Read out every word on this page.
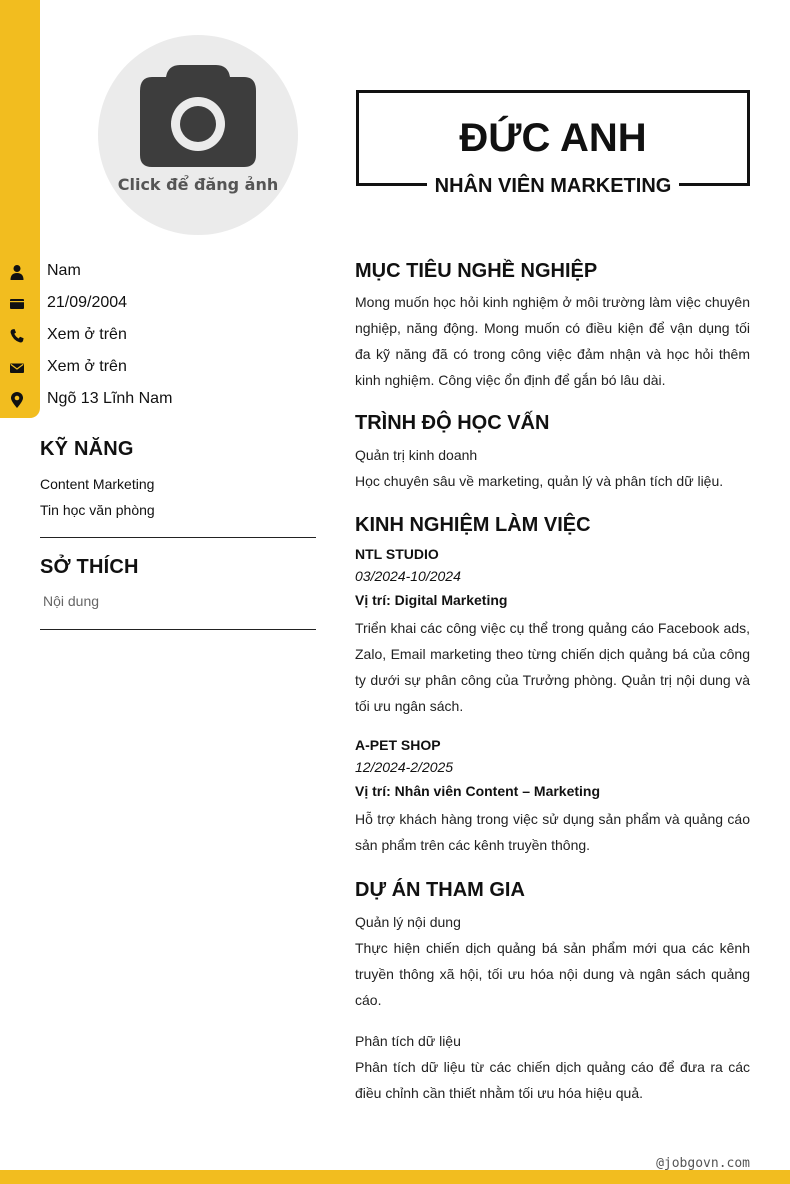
Click để đăng ảnh
Nam
21/09/2004
Xem ở trên
Xem ở trên
Ngõ 13 Lĩnh Nam
KỸ NĂNG
Content Marketing
Tin học văn phòng
SỞ THÍCH
Nội dung
ĐỨC ANH
NHÂN VIÊN MARKETING
MỤC TIÊU NGHỀ NGHIỆP
Mong muốn học hỏi kinh nghiệm ở môi trường làm việc chuyên nghiệp, năng động. Mong muốn có điều kiện để vận dụng tối đa kỹ năng đã có trong công việc đảm nhận và học hỏi thêm kinh nghiệm. Công việc ổn định để gắn bó lâu dài.
TRÌNH ĐỘ HỌC VẤN
Quản trị kinh doanh
Học chuyên sâu về marketing, quản lý và phân tích dữ liệu.
KINH NGHIỆM LÀM VIỆC
NTL STUDIO
03/2024-10/2024
Vị trí: Digital Marketing
Triển khai các công việc cụ thể trong quảng cáo Facebook ads, Zalo, Email marketing theo từng chiến dịch quảng bá của công ty dưới sự phân công của Trưởng phòng. Quản trị nội dung và tối ưu ngân sách.
A-PET SHOP
12/2024-2/2025
Vị trí: Nhân viên Content – Marketing
Hỗ trợ khách hàng trong việc sử dụng sản phẩm và quảng cáo sản phẩm trên các kênh truyền thông.
DỰ ÁN THAM GIA
Quản lý nội dung
Thực hiện chiến dịch quảng bá sản phẩm mới qua các kênh truyền thông xã hội, tối ưu hóa nội dung và ngân sách quảng cáo.
Phân tích dữ liệu
Phân tích dữ liệu từ các chiến dịch quảng cáo để đưa ra các điều chỉnh cần thiết nhằm tối ưu hóa hiệu quả.
@jobgovn.com
